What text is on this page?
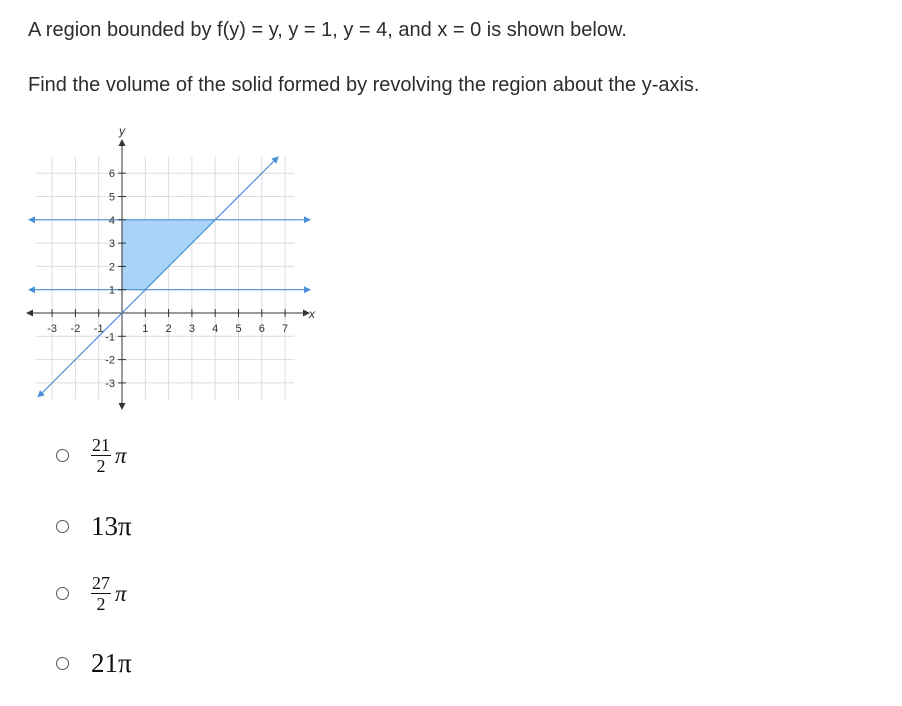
A region bounded by f(y) = y, y = 1, y = 4, and x = 0 is shown below.

Find the volume of the solid formed by revolving the region about the y-axis.

-3 -2 -1	1 2 3 4 5 6 7
6
5
4
3
2
1
-1
-2
-3
x
y
$\frac{21}{2}$ π
13π
$\frac{27}{2}$ π
21π
